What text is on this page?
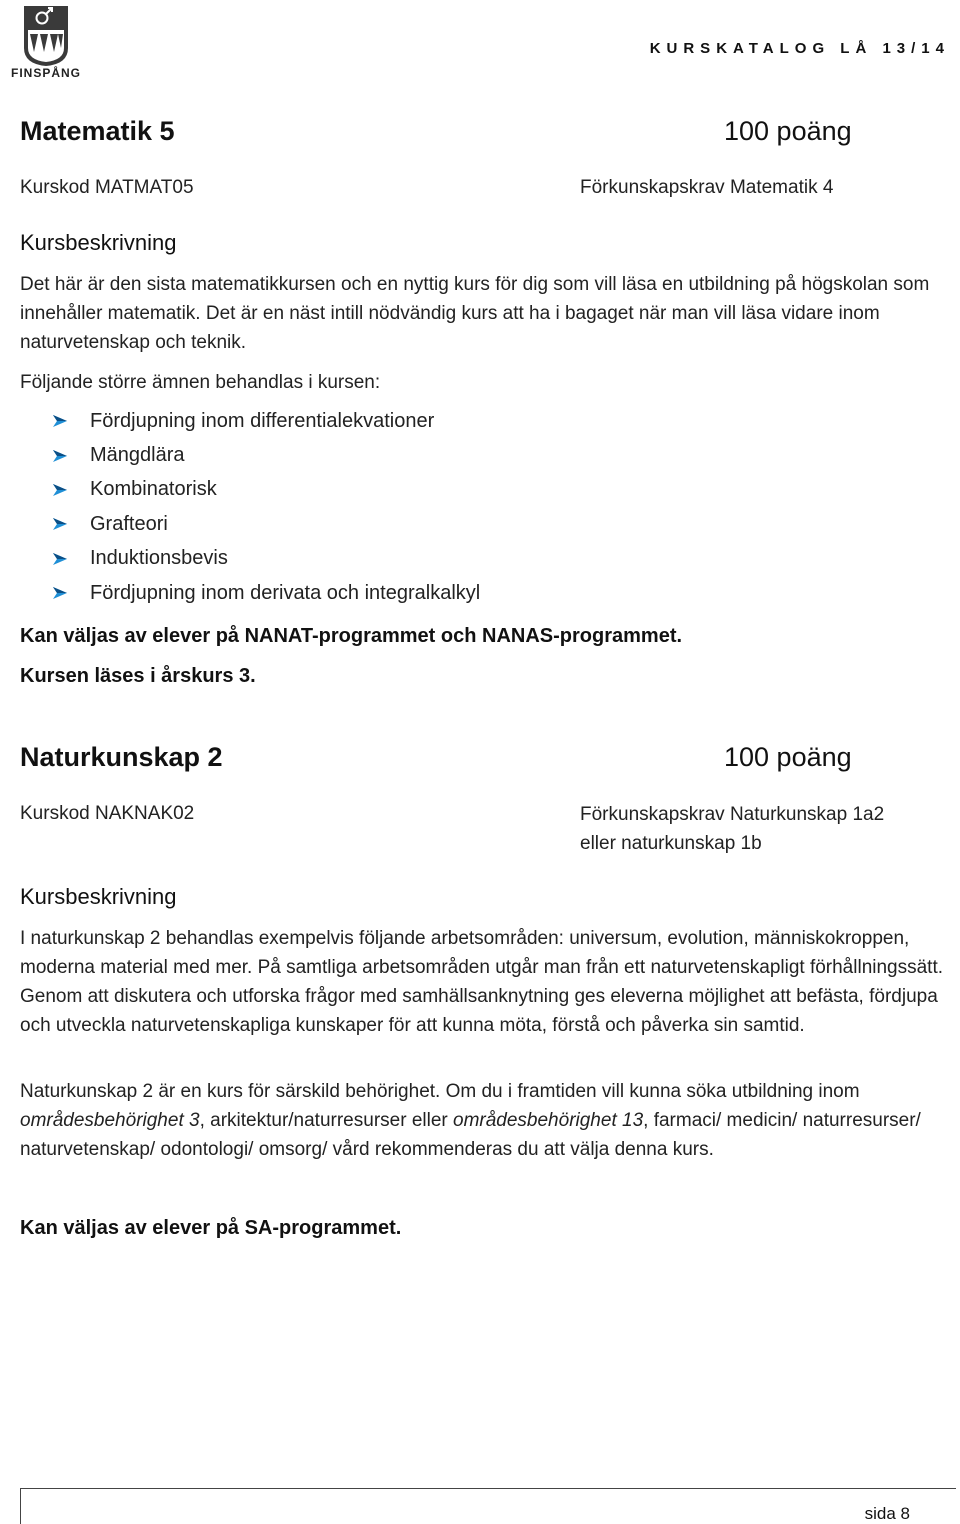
FINSPÅNG
KURSKATALOG LÅ 13/14
Matematik 5	100 poäng
Kurskod MATMAT05	Förkunskapskrav Matematik 4
Kursbeskrivning
Det här är den sista matematikkursen och en nyttig kurs för dig som vill läsa en utbildning på högskolan som innehåller matematik. Det är en näst intill nödvändig kurs att ha i bagaget när man vill läsa vidare inom naturvetenskap och teknik.
Följande större ämnen behandlas i kursen:
Fördjupning inom differentialekvationer
Mängdlära
Kombinatorisk
Grafteori
Induktionsbevis
Fördjupning inom derivata och integralkalkyl
Kan väljas av elever på NANAT-programmet och NANAS-programmet.
Kursen läses i årskurs 3.
Naturkunskap 2	100 poäng
Kurskod NAKNAK02	Förkunskapskrav Naturkunskap 1a2
eller naturkunskap 1b
Kursbeskrivning
I naturkunskap 2 behandlas exempelvis följande arbetsområden: universum, evolution, människokroppen, moderna material med mer. På samtliga arbetsområden utgår man från ett naturvetenskapligt förhållningssätt. Genom att diskutera och utforska frågor med samhällsanknytning ges eleverna möjlighet att befästa, fördjupa och utveckla naturvetenskapliga kunskaper för att kunna möta, förstå och påverka sin samtid.
Naturkunskap 2 är en kurs för särskild behörighet. Om du i framtiden vill kunna söka utbildning inom områdesbehörighet 3, arkitektur/naturresurser eller områdesbehörighet 13, farmaci/ medicin/ naturresurser/ naturvetenskap/ odontologi/ omsorg/ vård rekommenderas du att välja denna kurs.
Kan väljas av elever på SA-programmet.
sida 8
